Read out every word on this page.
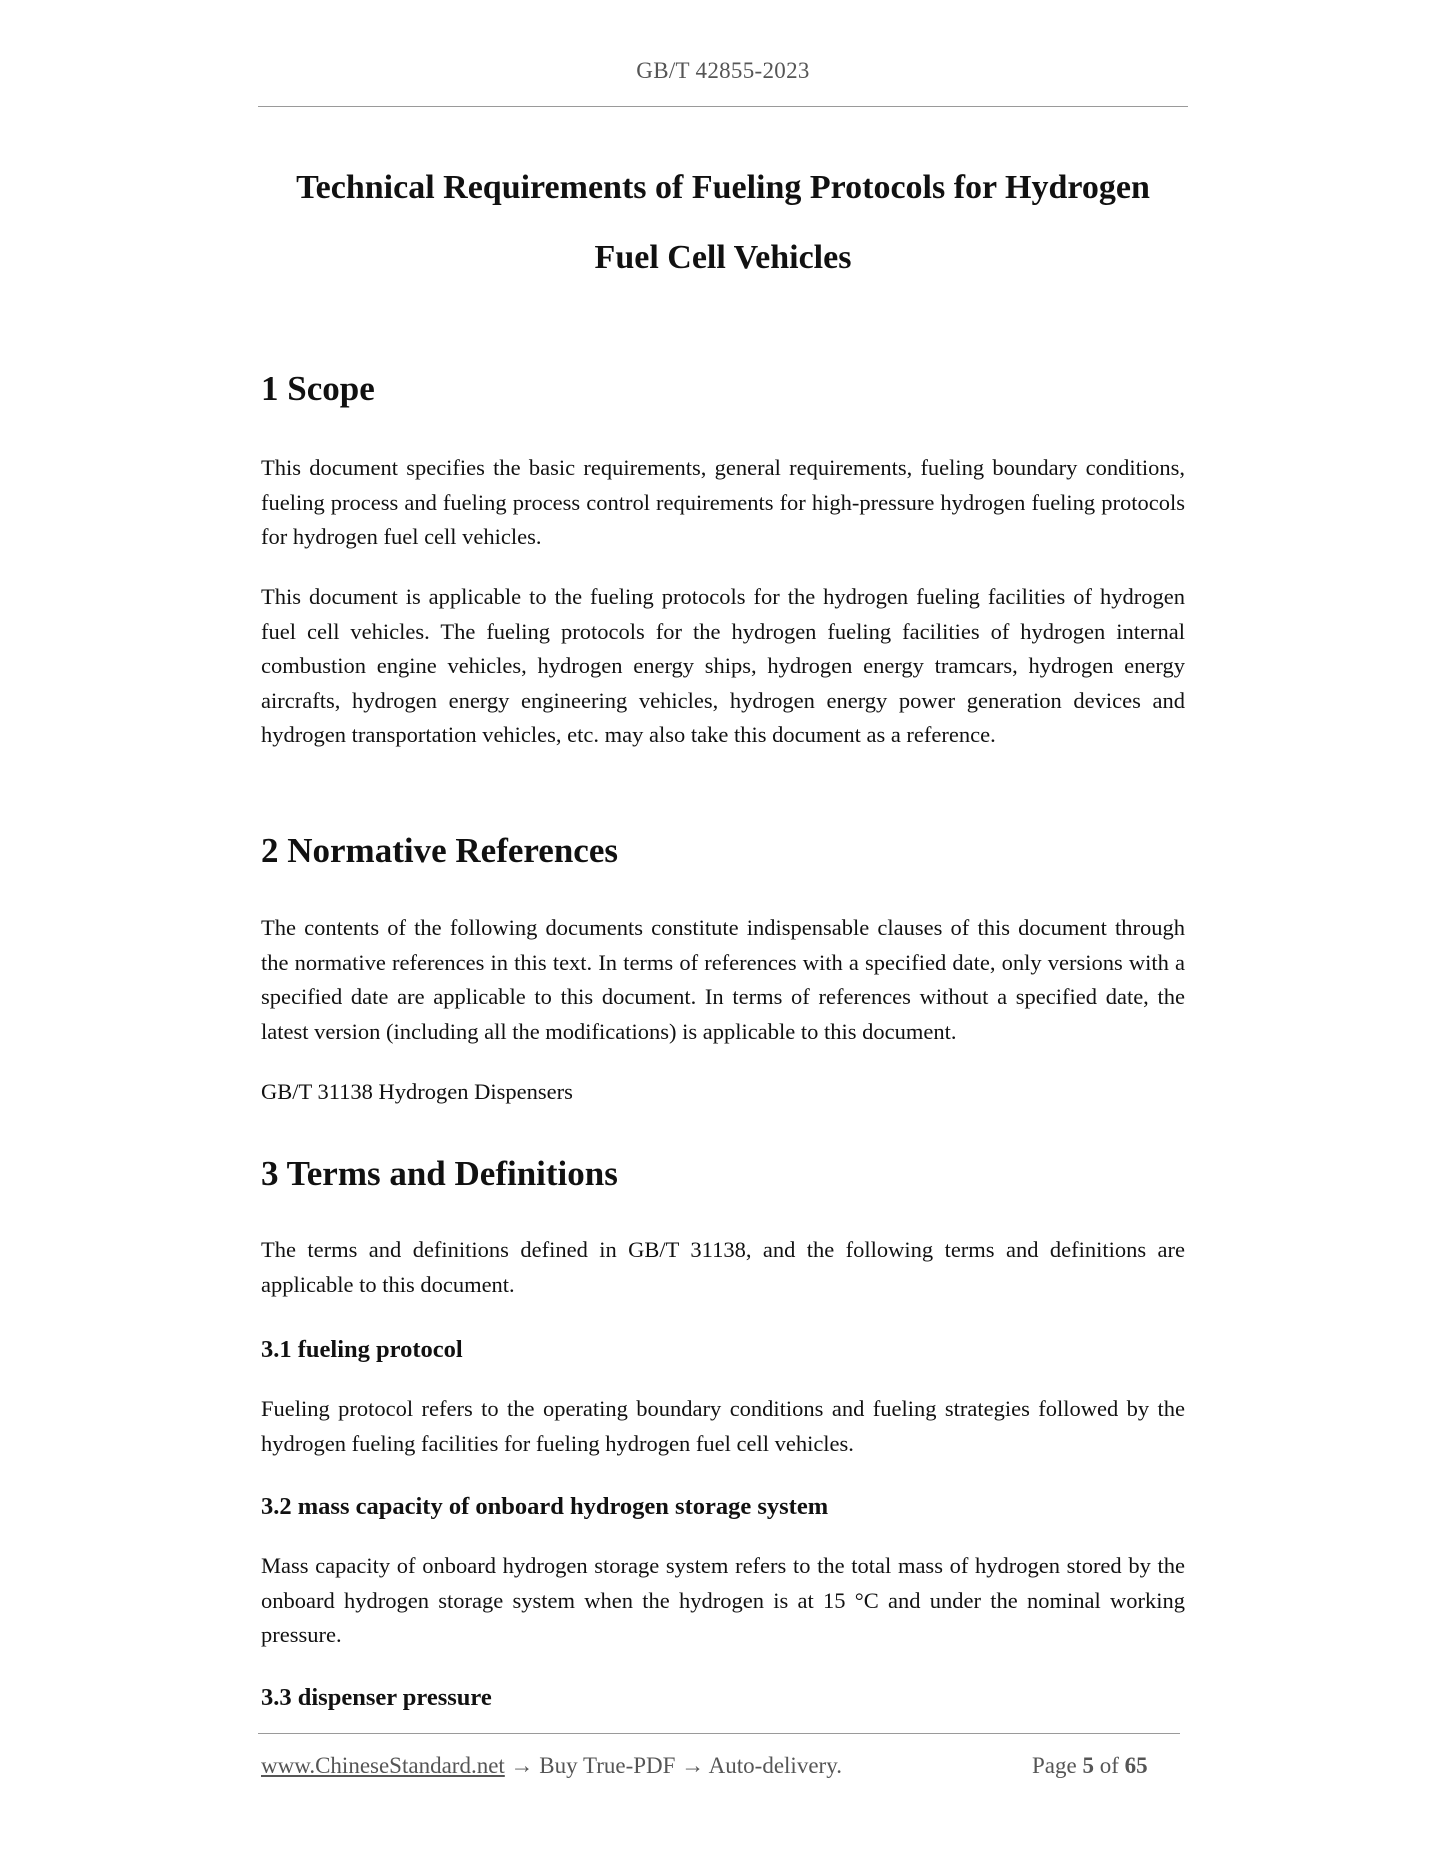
GB/T 42855-2023
Technical Requirements of Fueling Protocols for Hydrogen
Fuel Cell Vehicles
1 Scope

This document specifies the basic requirements, general requirements, fueling boundary conditions, fueling process and fueling process control requirements for high-pressure hydrogen fueling protocols for hydrogen fuel cell vehicles.

This document is applicable to the fueling protocols for the hydrogen fueling facilities of hydrogen fuel cell vehicles. The fueling protocols for the hydrogen fueling facilities of hydrogen internal combustion engine vehicles, hydrogen energy ships, hydrogen energy tramcars, hydrogen energy aircrafts, hydrogen energy engineering vehicles, hydrogen energy power generation devices and hydrogen transportation vehicles, etc. may also take this document as a reference.

2 Normative References

The contents of the following documents constitute indispensable clauses of this document through the normative references in this text. In terms of references with a specified date, only versions with a specified date are applicable to this document. In terms of references without a specified date, the latest version (including all the modifications) is applicable to this document.

GB/T 31138 Hydrogen Dispensers

3 Terms and Definitions

The terms and definitions defined in GB/T 31138, and the following terms and definitions are applicable to this document.

3.1 fueling protocol

Fueling protocol refers to the operating boundary conditions and fueling strategies followed by the hydrogen fueling facilities for fueling hydrogen fuel cell vehicles.

3.2 mass capacity of onboard hydrogen storage system

Mass capacity of onboard hydrogen storage system refers to the total mass of hydrogen stored by the onboard hydrogen storage system when the hydrogen is at 15 °C and under the nominal working pressure.

3.3 dispenser pressure
www.ChineseStandard.net → Buy True-PDF → Auto-delivery.	Page 5 of 65
